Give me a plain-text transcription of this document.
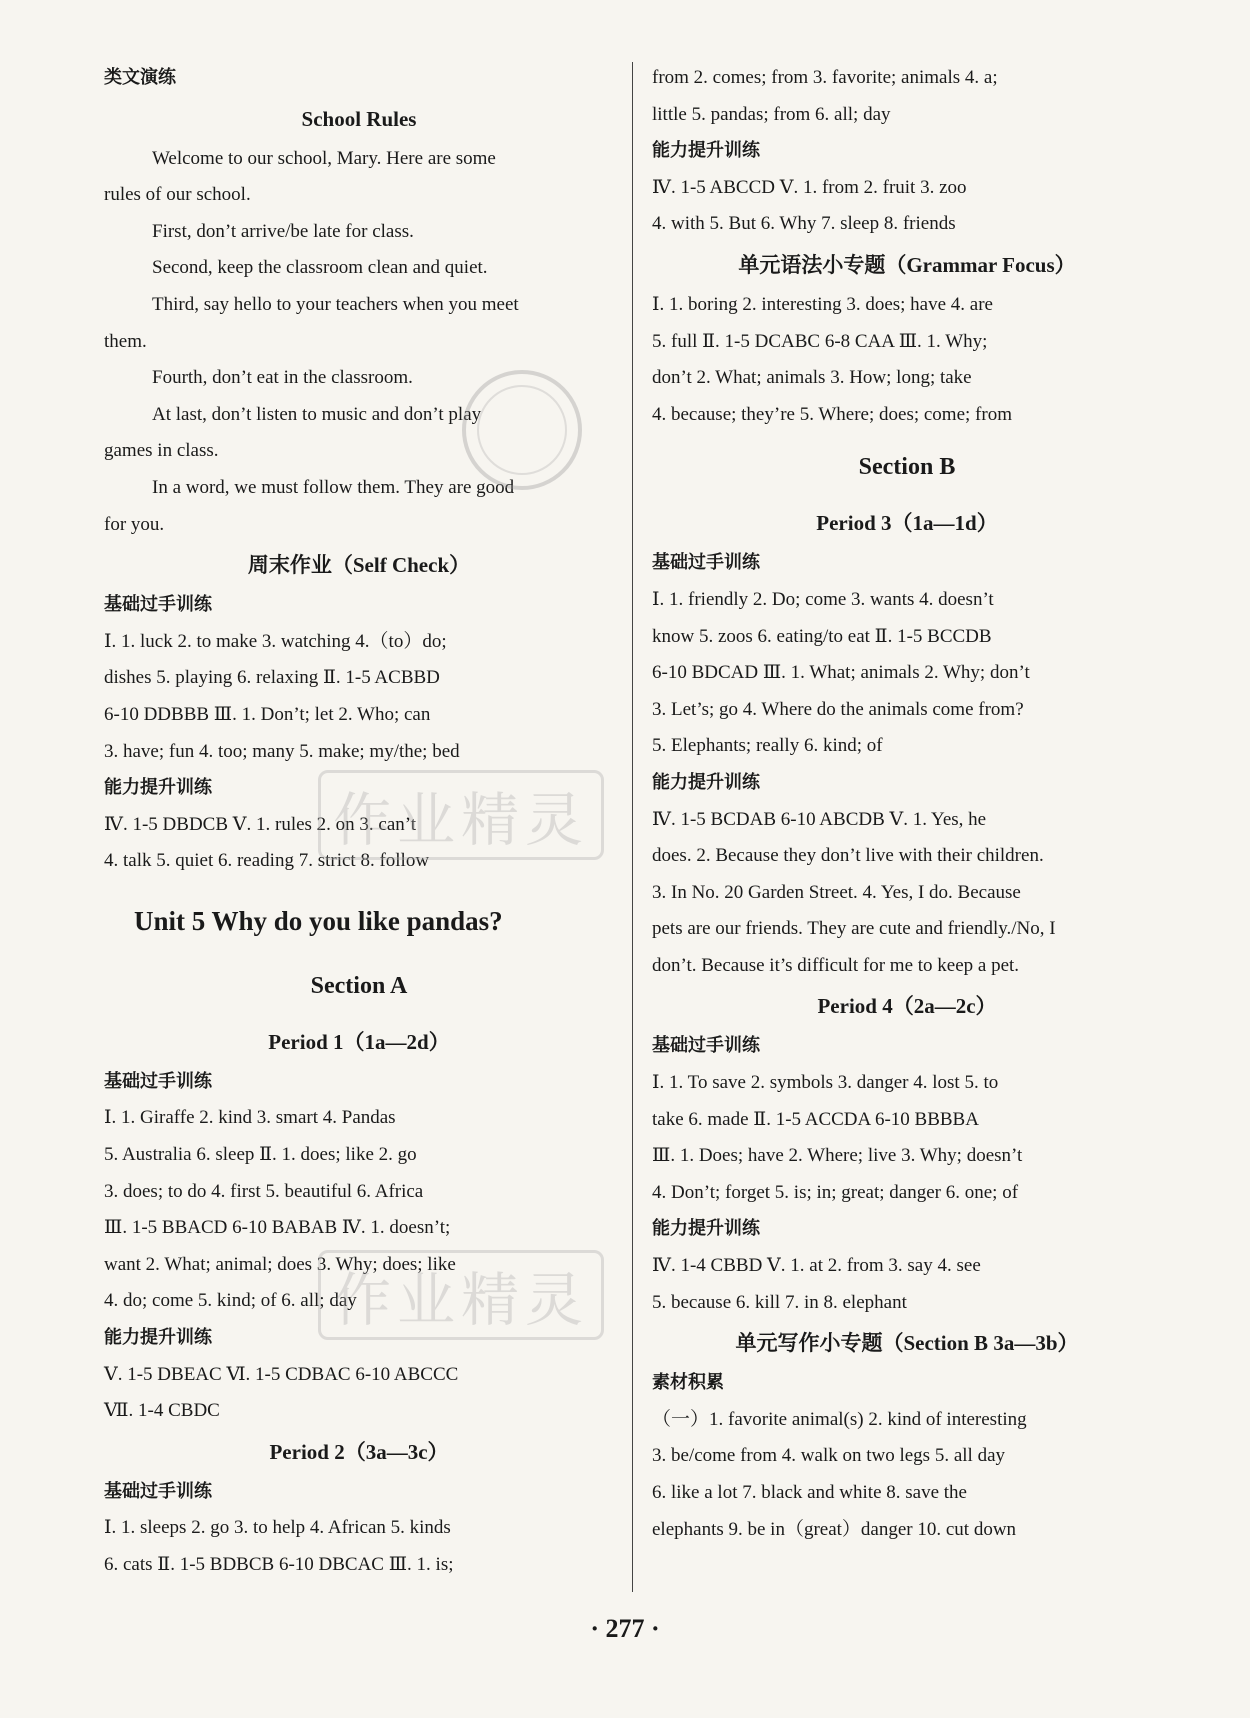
类文演练
School Rules
Welcome to our school, Mary. Here are some
rules of our school.
First, don’t arrive/be late for class.
Second, keep the classroom clean and quiet.
Third, say hello to your teachers when you meet
them.
Fourth, don’t eat in the classroom.
At last, don’t listen to music and don’t play
games in class.
In a word, we must follow them. They are good
for you.
周末作业（Self Check）
基础过手训练
Ⅰ. 1. luck 2. to make 3. watching 4.（to）do;
dishes 5. playing 6. relaxing Ⅱ. 1-5 ACBBD
6-10 DDBBB Ⅲ. 1. Don’t; let 2. Who; can
3. have; fun 4. too; many 5. make; my/the; bed
能力提升训练
Ⅳ. 1-5 DBDCB Ⅴ. 1. rules 2. on 3. can’t
4. talk 5. quiet 6. reading 7. strict 8. follow
Unit 5 Why do you like pandas?
Section A
Period 1（1a—2d）
基础过手训练
Ⅰ. 1. Giraffe 2. kind 3. smart 4. Pandas
5. Australia 6. sleep Ⅱ. 1. does; like 2. go
3. does; to do 4. first 5. beautiful 6. Africa
Ⅲ. 1-5 BBACD 6-10 BABAB Ⅳ. 1. doesn’t;
want 2. What; animal; does 3. Why; does; like
4. do; come 5. kind; of 6. all; day
能力提升训练
Ⅴ. 1-5 DBEAC Ⅵ. 1-5 CDBAC 6-10 ABCCC
Ⅶ. 1-4 CBDC
Period 2（3a—3c）
基础过手训练
Ⅰ. 1. sleeps 2. go 3. to help 4. African 5. kinds
6. cats Ⅱ. 1-5 BDBCB 6-10 DBCAC Ⅲ. 1. is;
from 2. comes; from 3. favorite; animals 4. a;
little 5. pandas; from 6. all; day
能力提升训练
Ⅳ. 1-5 ABCCD Ⅴ. 1. from 2. fruit 3. zoo
4. with 5. But 6. Why 7. sleep 8. friends
单元语法小专题（Grammar Focus）
Ⅰ. 1. boring 2. interesting 3. does; have 4. are
5. full Ⅱ. 1-5 DCABC 6-8 CAA Ⅲ. 1. Why;
don’t 2. What; animals 3. How; long; take
4. because; they’re 5. Where; does; come; from
Section B
Period 3（1a—1d）
基础过手训练
Ⅰ. 1. friendly 2. Do; come 3. wants 4. doesn’t
know 5. zoos 6. eating/to eat Ⅱ. 1-5 BCCDB
6-10 BDCAD Ⅲ. 1. What; animals 2. Why; don’t
3. Let’s; go 4. Where do the animals come from?
5. Elephants; really 6. kind; of
能力提升训练
Ⅳ. 1-5 BCDAB 6-10 ABCDB Ⅴ. 1. Yes, he
does. 2. Because they don’t live with their children.
3. In No. 20 Garden Street. 4. Yes, I do. Because
pets are our friends. They are cute and friendly./No, I
don’t. Because it’s difficult for me to keep a pet.
Period 4（2a—2c）
基础过手训练
Ⅰ. 1. To save 2. symbols 3. danger 4. lost 5. to
take 6. made Ⅱ. 1-5 ACCDA 6-10 BBBBA
Ⅲ. 1. Does; have 2. Where; live 3. Why; doesn’t
4. Don’t; forget 5. is; in; great; danger 6. one; of
能力提升训练
Ⅳ. 1-4 CBBD Ⅴ. 1. at 2. from 3. say 4. see
5. because 6. kill 7. in 8. elephant
单元写作小专题（Section B 3a—3b）
素材积累
（一）1. favorite animal(s) 2. kind of interesting
3. be/come from 4. walk on two legs 5. all day
6. like a lot 7. black and white 8. save the
elephants 9. be in（great）danger 10. cut down
作业精灵
作业精灵
· 277 ·
